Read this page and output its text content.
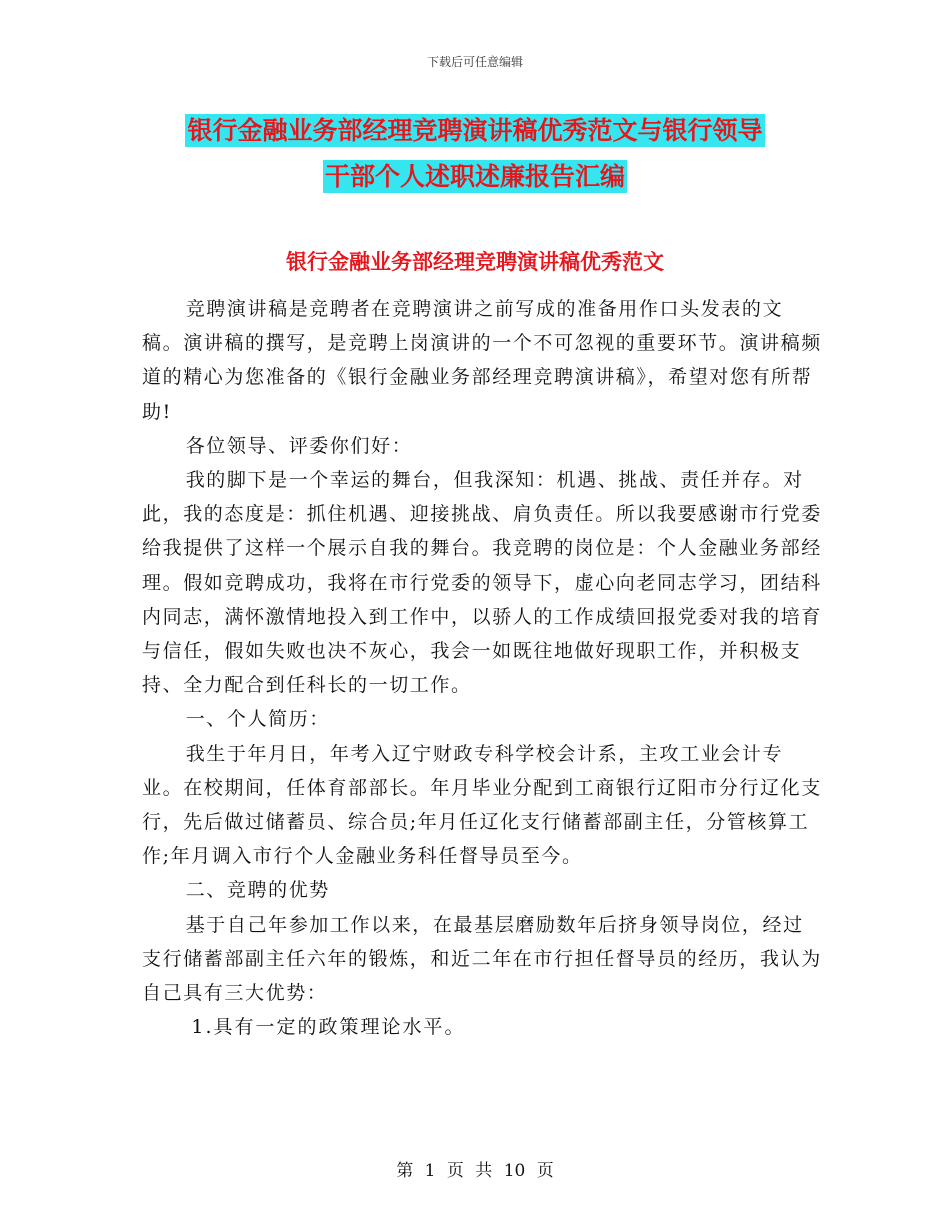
下载后可任意编辑
银行金融业务部经理竞聘演讲稿优秀范文与银行领导
干部个人述职述廉报告汇编
银行金融业务部经理竞聘演讲稿优秀范文

竞聘演讲稿是竞聘者在竞聘演讲之前写成的准备用作口头发表的文稿。演讲稿的撰写，是竞聘上岗演讲的一个不可忽视的重要环节。演讲稿频道的精心为您准备的《银行金融业务部经理竞聘演讲稿》，希望对您有所帮助!

各位领导、评委你们好：

我的脚下是一个幸运的舞台，但我深知：机遇、挑战、责任并存。对此，我的态度是：抓住机遇、迎接挑战、肩负责任。所以我要感谢市行党委给我提供了这样一个展示自我的舞台。我竞聘的岗位是：个人金融业务部经理。假如竞聘成功，我将在市行党委的领导下，虚心向老同志学习，团结科内同志，满怀激情地投入到工作中，以骄人的工作成绩回报党委对我的培育与信任，假如失败也决不灰心，我会一如既往地做好现职工作，并积极支持、全力配合到任科长的一切工作。

一、个人简历：

我生于年月日，年考入辽宁财政专科学校会计系，主攻工业会计专业。在校期间，任体育部部长。年月毕业分配到工商银行辽阳市分行辽化支行，先后做过储蓄员、综合员;年月任辽化支行储蓄部副主任，分管核算工作;年月调入市行个人金融业务科任督导员至今。

二、竞聘的优势

基于自己年参加工作以来，在最基层磨励数年后挤身领导岗位，经过支行储蓄部副主任六年的锻炼，和近二年在市行担任督导员的经历，我认为自己具有三大优势：

1.具有一定的政策理论水平。

第 1 页 共 10 页
